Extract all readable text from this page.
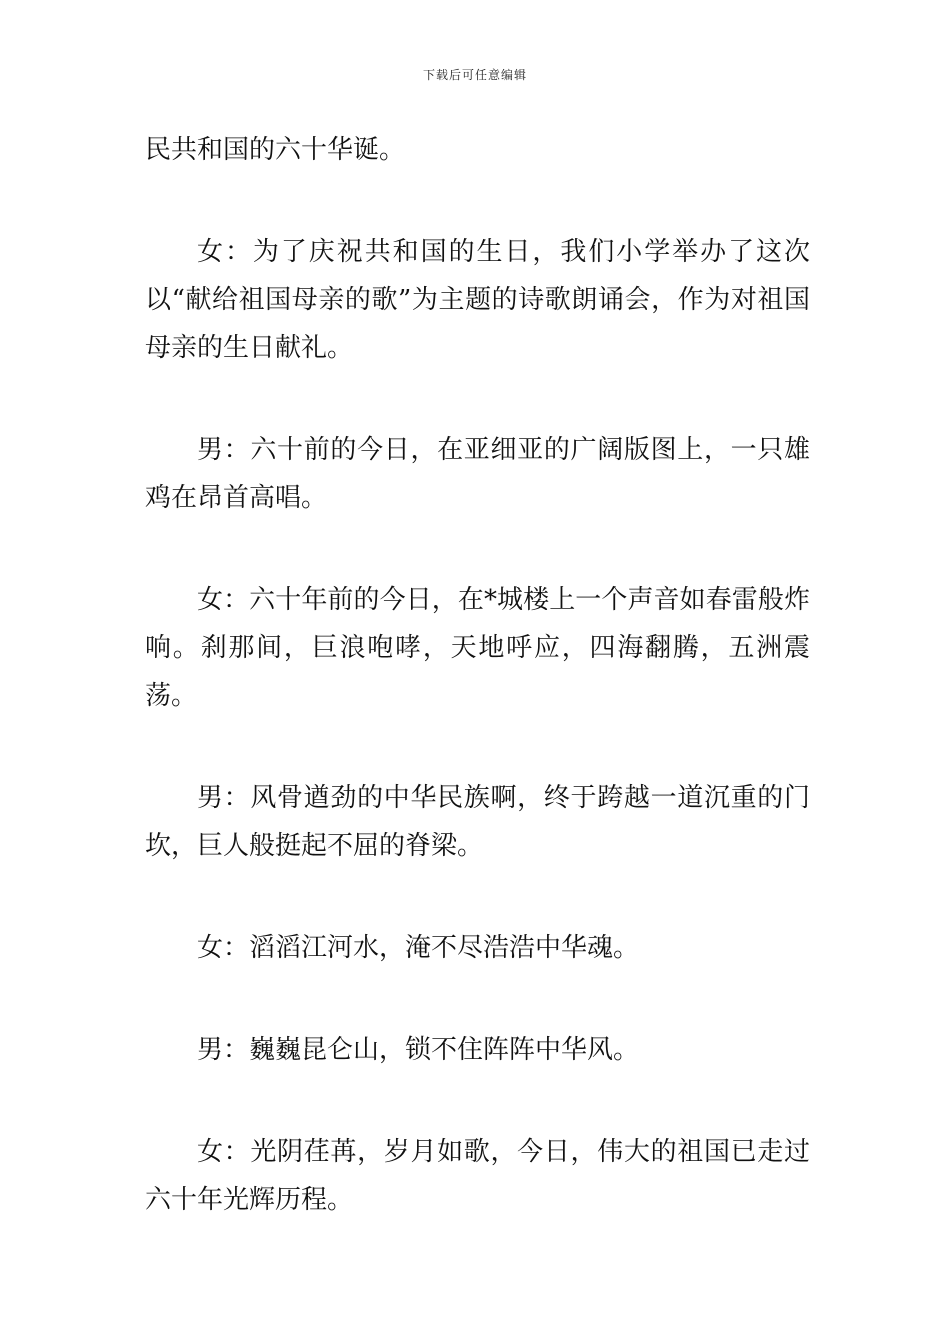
下载后可任意编辑

民共和国的六十华诞。

女：为了庆祝共和国的生日，我们小学举办了这次以“献给祖国母亲的歌”为主题的诗歌朗诵会，作为对祖国母亲的生日献礼。

男：六十前的今日，在亚细亚的广阔版图上，一只雄鸡在昂首高唱。

女：六十年前的今日，在*城楼上一个声音如春雷般炸响。刹那间，巨浪咆哮，天地呼应，四海翻腾，五洲震荡。

男：风骨遒劲的中华民族啊，终于跨越一道沉重的门坎，巨人般挺起不屈的脊梁。

女：滔滔江河水，淹不尽浩浩中华魂。

男：巍巍昆仑山，锁不住阵阵中华风。

女：光阴荏苒，岁月如歌，今日，伟大的祖国已走过六十年光辉历程。
